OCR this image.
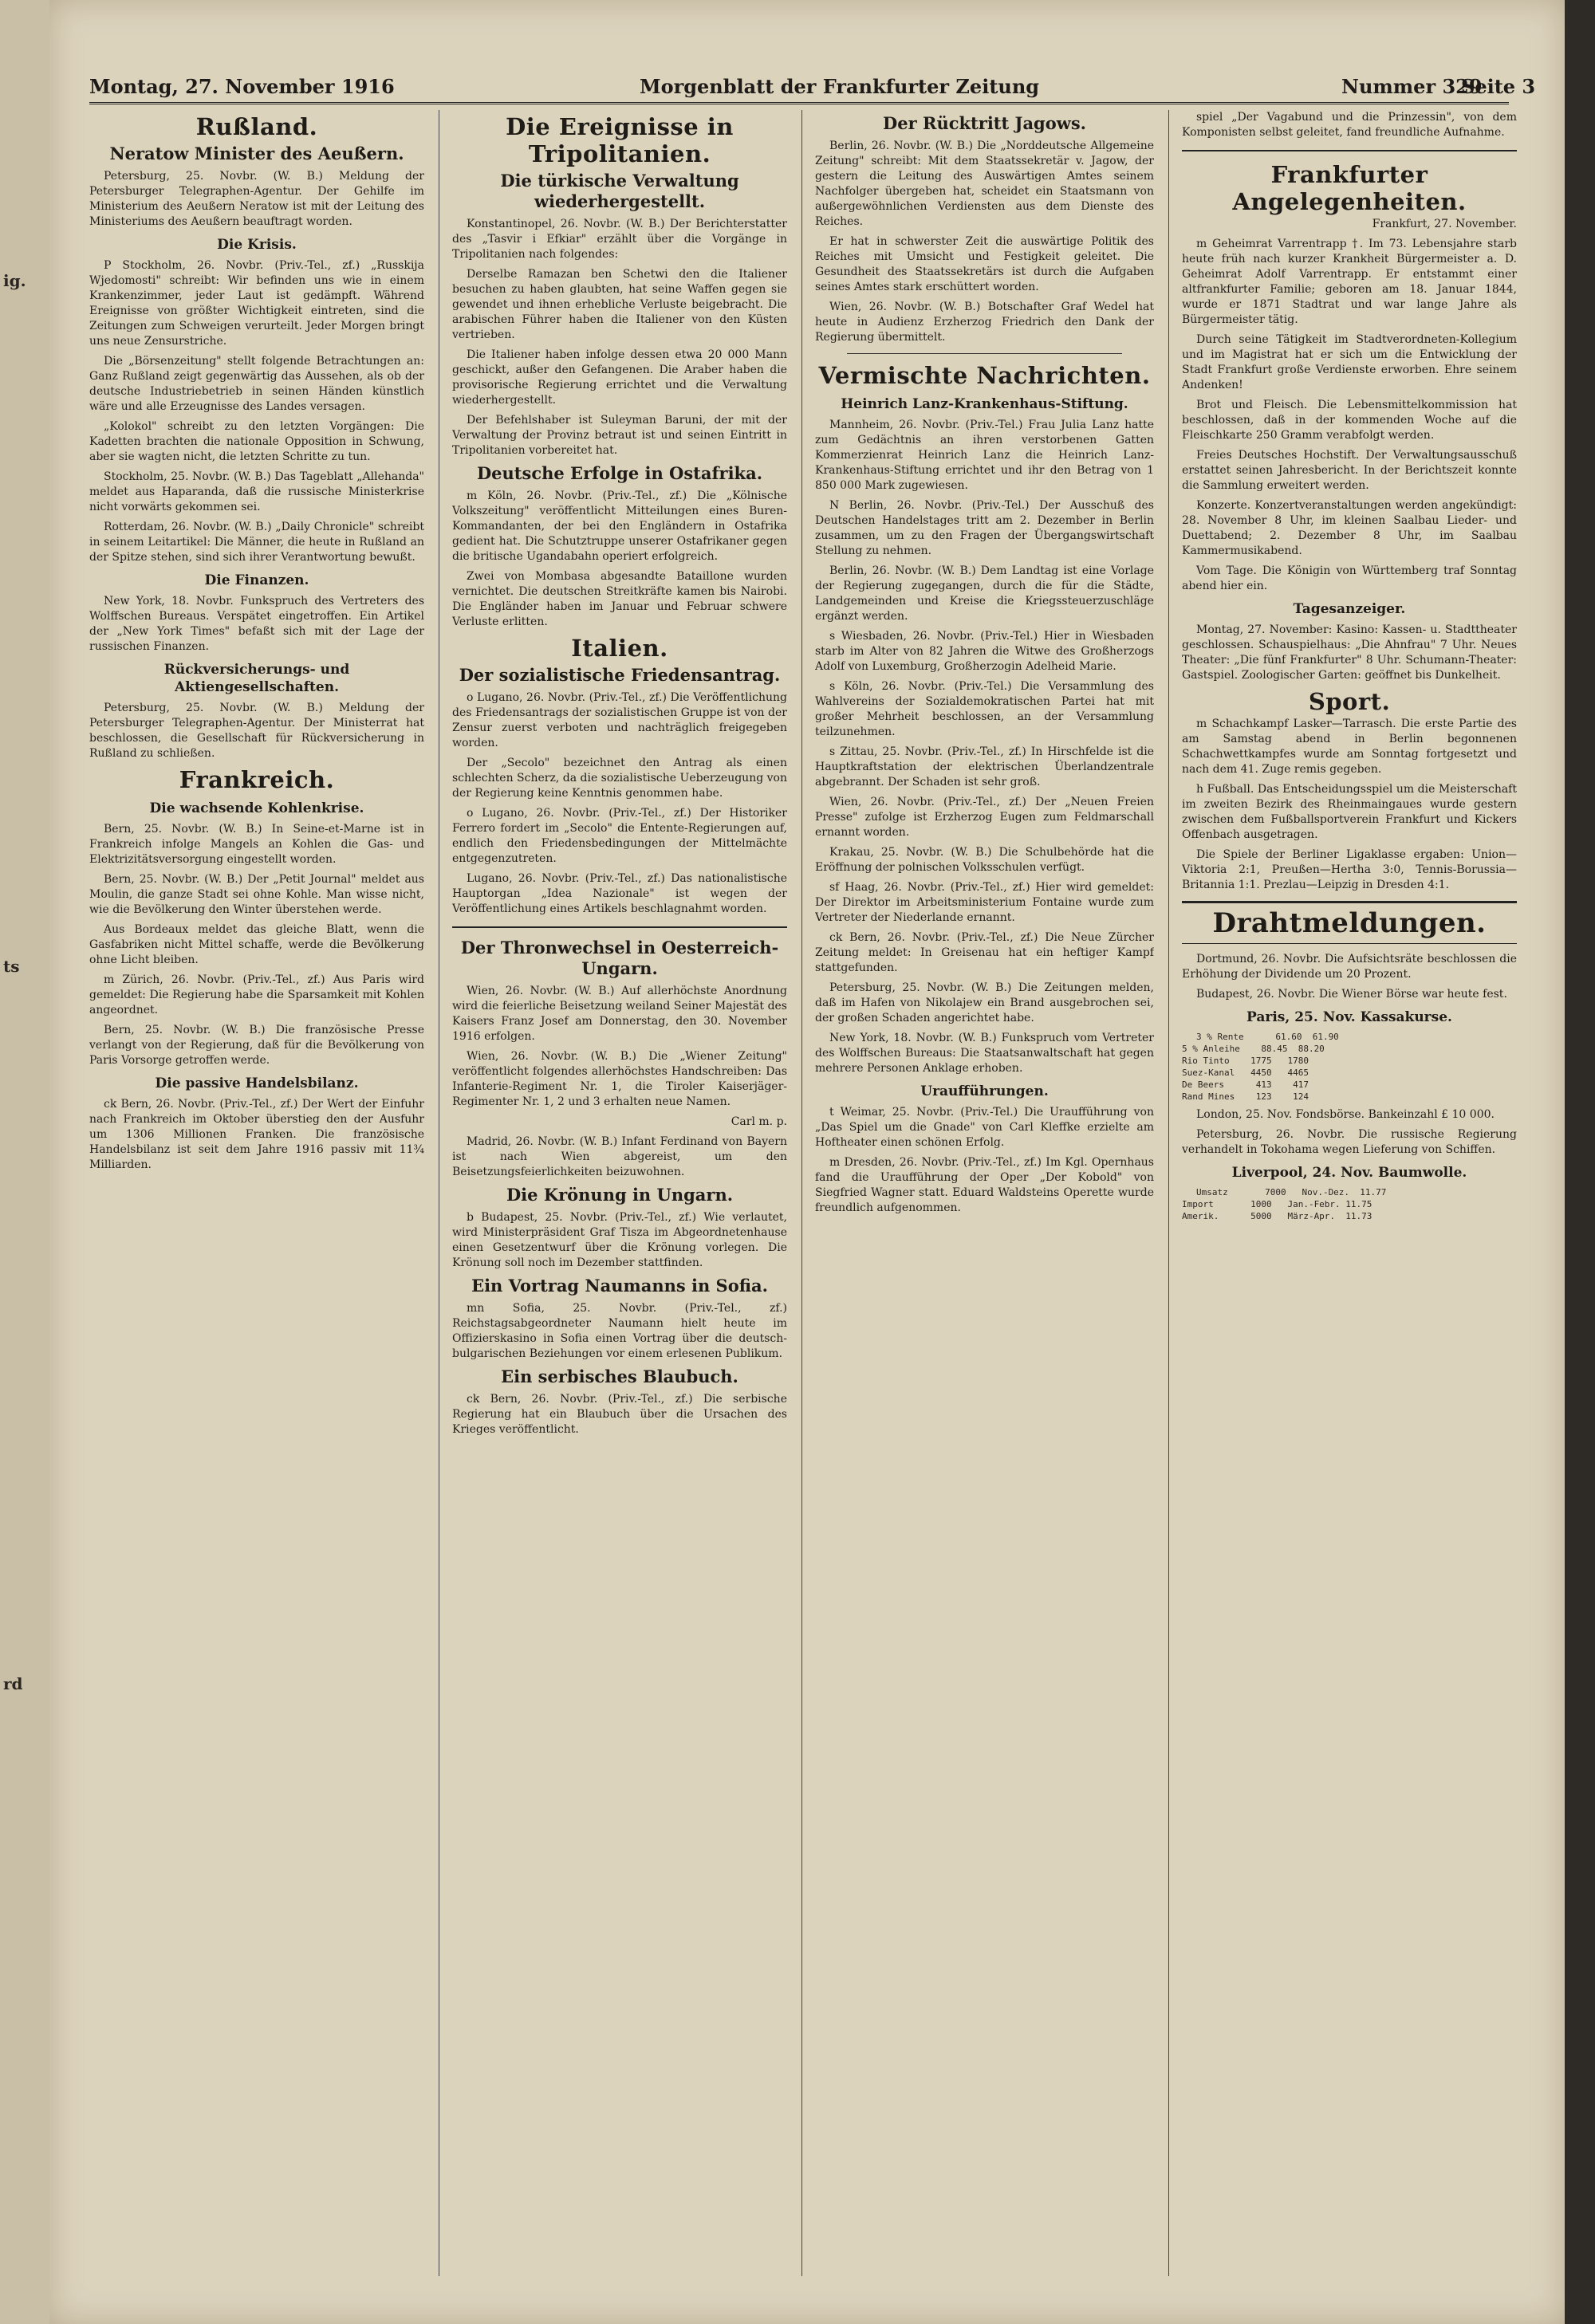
ig.
ts
rd
Montag, 27. November 1916	Morgenblatt der Frankfurter Zeitung	Nummer 329
Seite 3
Rußland.
Neratow Minister des Aeußern.

Petersburg, 25. Novbr. (W. B.) Meldung der Petersburger Telegraphen-Agentur. Der Gehilfe im Ministerium des Aeußern Neratow ist mit der Leitung des Ministeriums des Aeußern beauftragt worden.

Die Krisis.

P Stockholm, 26. Novbr. (Priv.-Tel., zf.) „Russkija Wjedomosti" schreibt: Wir befinden uns wie in einem Krankenzimmer, jeder Laut ist gedämpft. Während Ereignisse von größter Wichtigkeit eintreten, sind die Zeitungen zum Schweigen verurteilt. Jeder Morgen bringt uns neue Zensurstriche.

Die „Börsenzeitung" stellt folgende Betrachtungen an: Ganz Rußland zeigt gegenwärtig das Aussehen, als ob der deutsche Industriebetrieb in seinen Händen künstlich wäre und alle Erzeugnisse des Landes versagen.

„Kolokol" schreibt zu den letzten Vorgängen: Die Kadetten brachten die nationale Opposition in Schwung, aber sie wagten nicht, die letzten Schritte zu tun.

Stockholm, 25. Novbr. (W. B.) Das Tageblatt „Allehanda" meldet aus Haparanda, daß die russische Ministerkrise nicht vorwärts gekommen sei.

Rotterdam, 26. Novbr. (W. B.) „Daily Chronicle" schreibt in seinem Leitartikel: Die Männer, die heute in Rußland an der Spitze stehen, sind sich ihrer Verantwortung bewußt.

Die Finanzen.

New York, 18. Novbr. Funkspruch des Vertreters des Wolffschen Bureaus. Verspätet eingetroffen. Ein Artikel der „New York Times" befaßt sich mit der Lage der russischen Finanzen.

Rückversicherungs- und Aktiengesellschaften.

Petersburg, 25. Novbr. (W. B.) Meldung der Petersburger Telegraphen-Agentur. Der Ministerrat hat beschlossen, die Gesellschaft für Rückversicherung in Rußland zu schließen.

Frankreich.
Die wachsende Kohlenkrise.

Bern, 25. Novbr. (W. B.) In Seine-et-Marne ist in Frankreich infolge Mangels an Kohlen die Gas- und Elektrizitätsversorgung eingestellt worden.

Bern, 25. Novbr. (W. B.) Der „Petit Journal" meldet aus Moulin, die ganze Stadt sei ohne Kohle. Man wisse nicht, wie die Bevölkerung den Winter überstehen werde.

Aus Bordeaux meldet das gleiche Blatt, wenn die Gasfabriken nicht Mittel schaffe, werde die Bevölkerung ohne Licht bleiben.

m Zürich, 26. Novbr. (Priv.-Tel., zf.) Aus Paris wird gemeldet: Die Regierung habe die Sparsamkeit mit Kohlen angeordnet.

Bern, 25. Novbr. (W. B.) Die französische Presse verlangt von der Regierung, daß für die Bevölkerung von Paris Vorsorge getroffen werde.

Die passive Handelsbilanz.

ck Bern, 26. Novbr. (Priv.-Tel., zf.) Der Wert der Einfuhr nach Frankreich im Oktober überstieg den der Ausfuhr um 1306 Millionen Franken. Die französische Handelsbilanz ist seit dem Jahre 1916 passiv mit 11¾ Milliarden.

Die Ereignisse in Tripolitanien.
Die türkische Verwaltung wiederhergestellt.

Konstantinopel, 26. Novbr. (W. B.) Der Berichterstatter des „Tasvir i Efkiar" erzählt über die Vorgänge in Tripolitanien nach folgendes:

Derselbe Ramazan ben Schetwi den die Italiener besuchen zu haben glaubten, hat seine Waffen gegen sie gewendet und ihnen erhebliche Verluste beigebracht. Die arabischen Führer haben die Italiener von den Küsten vertrieben.

Die Italiener haben infolge dessen etwa 20 000 Mann geschickt, außer den Gefangenen. Die Araber haben die provisorische Regierung errichtet und die Verwaltung wiederhergestellt.

Der Befehlshaber ist Suleyman Baruni, der mit der Verwaltung der Provinz betraut ist und seinen Eintritt in Tripolitanien vorbereitet hat.

Deutsche Erfolge in Ostafrika.

m Köln, 26. Novbr. (Priv.-Tel., zf.) Die „Kölnische Volkszeitung" veröffentlicht Mitteilungen eines Buren-Kommandanten, der bei den Engländern in Ostafrika gedient hat. Die Schutztruppe unserer Ostafrikaner gegen die britische Ugandabahn operiert erfolgreich.

Zwei von Mombasa abgesandte Bataillone wurden vernichtet. Die deutschen Streitkräfte kamen bis Nairobi. Die Engländer haben im Januar und Februar schwere Verluste erlitten.

Italien.
Der sozialistische Friedensantrag.

o Lugano, 26. Novbr. (Priv.-Tel., zf.) Die Veröffentlichung des Friedensantrags der sozialistischen Gruppe ist von der Zensur zuerst verboten und nachträglich freigegeben worden.

Der „Secolo" bezeichnet den Antrag als einen schlechten Scherz, da die sozialistische Ueberzeugung von der Regierung keine Kenntnis genommen habe.

o Lugano, 26. Novbr. (Priv.-Tel., zf.) Der Historiker Ferrero fordert im „Secolo" die Entente-Regierungen auf, endlich den Friedensbedingungen der Mittelmächte entgegenzutreten.

Lugano, 26. Novbr. (Priv.-Tel., zf.) Das nationalistische Hauptorgan „Idea Nazionale" ist wegen der Veröffentlichung eines Artikels beschlagnahmt worden.

Der Thronwechsel in Oesterreich-Ungarn.

Wien, 26. Novbr. (W. B.) Auf allerhöchste Anordnung wird die feierliche Beisetzung weiland Seiner Majestät des Kaisers Franz Josef am Donnerstag, den 30. November 1916 erfolgen.

Wien, 26. Novbr. (W. B.) Die „Wiener Zeitung" veröffentlicht folgendes allerhöchstes Handschreiben: Das Infanterie-Regiment Nr. 1, die Tiroler Kaiserjäger-Regimenter Nr. 1, 2 und 3 erhalten neue Namen.

Carl m. p.

Madrid, 26. Novbr. (W. B.) Infant Ferdinand von Bayern ist nach Wien abgereist, um den Beisetzungsfeierlichkeiten beizuwohnen.

Die Krönung in Ungarn.

b Budapest, 25. Novbr. (Priv.-Tel., zf.) Wie verlautet, wird Ministerpräsident Graf Tisza im Abgeordnetenhause einen Gesetzentwurf über die Krönung vorlegen. Die Krönung soll noch im Dezember stattfinden.

Ein Vortrag Naumanns in Sofia.

mn Sofia, 25. Novbr. (Priv.-Tel., zf.) Reichstagsabgeordneter Naumann hielt heute im Offizierskasino in Sofia einen Vortrag über die deutsch-bulgarischen Beziehungen vor einem erlesenen Publikum.

Ein serbisches Blaubuch.

ck Bern, 26. Novbr. (Priv.-Tel., zf.) Die serbische Regierung hat ein Blaubuch über die Ursachen des Krieges veröffentlicht.

Der Rücktritt Jagows.

Berlin, 26. Novbr. (W. B.) Die „Norddeutsche Allgemeine Zeitung" schreibt: Mit dem Staatssekretär v. Jagow, der gestern die Leitung des Auswärtigen Amtes seinem Nachfolger übergeben hat, scheidet ein Staatsmann von außergewöhnlichen Verdiensten aus dem Dienste des Reiches.

Er hat in schwerster Zeit die auswärtige Politik des Reiches mit Umsicht und Festigkeit geleitet. Die Gesundheit des Staatssekretärs ist durch die Aufgaben seines Amtes stark erschüttert worden.

Wien, 26. Novbr. (W. B.) Botschafter Graf Wedel hat heute in Audienz Erzherzog Friedrich den Dank der Regierung übermittelt.

Vermischte Nachrichten.
Heinrich Lanz-Krankenhaus-Stiftung.

Mannheim, 26. Novbr. (Priv.-Tel.) Frau Julia Lanz hatte zum Gedächtnis an ihren verstorbenen Gatten Kommerzienrat Heinrich Lanz die Heinrich Lanz-Krankenhaus-Stiftung errichtet und ihr den Betrag von 1 850 000 Mark zugewiesen.

N Berlin, 26. Novbr. (Priv.-Tel.) Der Ausschuß des Deutschen Handelstages tritt am 2. Dezember in Berlin zusammen, um zu den Fragen der Übergangswirtschaft Stellung zu nehmen.

Berlin, 26. Novbr. (W. B.) Dem Landtag ist eine Vorlage der Regierung zugegangen, durch die für die Städte, Landgemeinden und Kreise die Kriegssteuerzuschläge ergänzt werden.

s Wiesbaden, 26. Novbr. (Priv.-Tel.) Hier in Wiesbaden starb im Alter von 82 Jahren die Witwe des Großherzogs Adolf von Luxemburg, Großherzogin Adelheid Marie.

s Köln, 26. Novbr. (Priv.-Tel.) Die Versammlung des Wahlvereins der Sozialdemokratischen Partei hat mit großer Mehrheit beschlossen, an der Versammlung teilzunehmen.

s Zittau, 25. Novbr. (Priv.-Tel., zf.) In Hirschfelde ist die Hauptkraftstation der elektrischen Überlandzentrale abgebrannt. Der Schaden ist sehr groß.

Wien, 26. Novbr. (Priv.-Tel., zf.) Der „Neuen Freien Presse" zufolge ist Erzherzog Eugen zum Feldmarschall ernannt worden.

Krakau, 25. Novbr. (W. B.) Die Schulbehörde hat die Eröffnung der polnischen Volksschulen verfügt.

sf Haag, 26. Novbr. (Priv.-Tel., zf.) Hier wird gemeldet: Der Direktor im Arbeitsministerium Fontaine wurde zum Vertreter der Niederlande ernannt.

ck Bern, 26. Novbr. (Priv.-Tel., zf.) Die Neue Zürcher Zeitung meldet: In Greisenau hat ein heftiger Kampf stattgefunden.

Petersburg, 25. Novbr. (W. B.) Die Zeitungen melden, daß im Hafen von Nikolajew ein Brand ausgebrochen sei, der großen Schaden angerichtet habe.

New York, 18. Novbr. (W. B.) Funkspruch vom Vertreter des Wolffschen Bureaus: Die Staatsanwaltschaft hat gegen mehrere Personen Anklage erhoben.

Uraufführungen.

t Weimar, 25. Novbr. (Priv.-Tel.) Die Uraufführung von „Das Spiel um die Gnade" von Carl Kleffke erzielte am Hoftheater einen schönen Erfolg.

m Dresden, 26. Novbr. (Priv.-Tel., zf.) Im Kgl. Opernhaus fand die Uraufführung der Oper „Der Kobold" von Siegfried Wagner statt. Eduard Waldsteins Operette wurde freundlich aufgenommen.

spiel „Der Vagabund und die Prinzessin", von dem Komponisten selbst geleitet, fand freundliche Aufnahme.

Frankfurter Angelegenheiten.

Frankfurt, 27. November.

m Geheimrat Varrentrapp †. Im 73. Lebensjahre starb heute früh nach kurzer Krankheit Bürgermeister a. D. Geheimrat Adolf Varrentrapp. Er entstammt einer altfrankfurter Familie; geboren am 18. Januar 1844, wurde er 1871 Stadtrat und war lange Jahre als Bürgermeister tätig.

Durch seine Tätigkeit im Stadtverordneten-Kollegium und im Magistrat hat er sich um die Entwicklung der Stadt Frankfurt große Verdienste erworben. Ehre seinem Andenken!

Brot und Fleisch. Die Lebensmittelkommission hat beschlossen, daß in der kommenden Woche auf die Fleischkarte 250 Gramm verabfolgt werden.

Freies Deutsches Hochstift. Der Verwaltungsausschuß erstattet seinen Jahresbericht. In der Berichtszeit konnte die Sammlung erweitert werden.

Konzerte. Konzertveranstaltungen werden angekündigt: 28. November 8 Uhr, im kleinen Saalbau Lieder- und Duettabend; 2. Dezember 8 Uhr, im Saalbau Kammermusikabend.

Vom Tage. Die Königin von Württemberg traf Sonntag abend hier ein.

Tagesanzeiger.

Montag, 27. November: Kasino: Kassen- u. Stadttheater geschlossen. Schauspielhaus: „Die Ahnfrau" 7 Uhr. Neues Theater: „Die fünf Frankfurter" 8 Uhr. Schumann-Theater: Gastspiel. Zoologischer Garten: geöffnet bis Dunkelheit.

Sport.

m Schachkampf Lasker—Tarrasch. Die erste Partie des am Samstag abend in Berlin begonnenen Schachwettkampfes wurde am Sonntag fortgesetzt und nach dem 41. Zuge remis gegeben.

h Fußball. Das Entscheidungsspiel um die Meisterschaft im zweiten Bezirk des Rheinmaingaues wurde gestern zwischen dem Fußballsportverein Frankfurt und Kickers Offenbach ausgetragen.

Die Spiele der Berliner Ligaklasse ergaben: Union—Viktoria 2:1, Preußen—Hertha 3:0, Tennis-Borussia—Britannia 1:1. Prezlau—Leipzig in Dresden 4:1.

Drahtmeldungen.

Dortmund, 26. Novbr. Die Aufsichtsräte beschlossen die Erhöhung der Dividende um 20 Prozent.

Budapest, 26. Novbr. Die Wiener Börse war heute fest.

Paris, 25. Nov. Kassakurse.

3 % Rente      61.60  61.90
5 % Anleihe    88.45  88.20
Rio Tinto    1775   1780
Suez-Kanal   4450   4465
De Beers      413    417
Rand Mines    123    124

London, 25. Nov. Fondsbörse. Bankeinzahl £ 10 000.

Petersburg, 26. Novbr. Die russische Regierung verhandelt in Tokohama wegen Lieferung von Schiffen.

Liverpool, 24. Nov. Baumwolle.

Umsatz       7000   Nov.-Dez.  11.77
Import       1000   Jan.-Febr. 11.75
Amerik.      5000   März-Apr.  11.73
